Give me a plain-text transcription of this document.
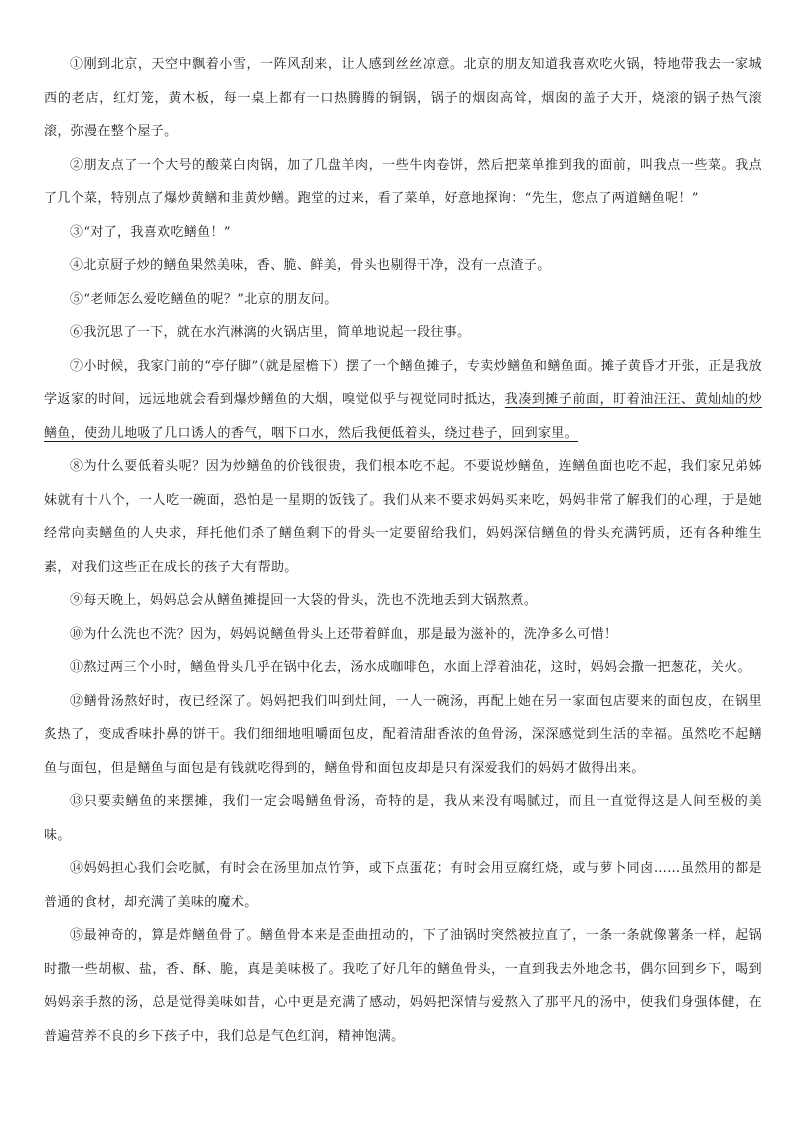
①刚到北京，天空中飘着小雪，一阵风刮来，让人感到丝丝凉意。北京的朋友知道我喜欢吃火锅，特地带我去一家城西的老店，红灯笼，黄木板，每一桌上都有一口热腾腾的铜锅，锅子的烟囱高耸，烟囱的盖子大开，烧滚的锅子热气滚滚，弥漫在整个屋子。

②朋友点了一个大号的酸菜白肉锅，加了几盘羊肉，一些牛肉卷饼，然后把菜单推到我的面前，叫我点一些菜。我点了几个菜，特别点了爆炒黄鳝和韭黄炒鳝。跑堂的过来，看了菜单，好意地探询：“先生，您点了两道鳝鱼呢！”

③“对了，我喜欢吃鳝鱼！”

④北京厨子炒的鳝鱼果然美味，香、脆、鲜美，骨头也剔得干净，没有一点渣子。

⑤“老师怎么爱吃鳝鱼的呢？”北京的朋友问。

⑥我沉思了一下，就在水汽淋漓的火锅店里，简单地说起一段往事。

⑦小时候，我家门前的“亭仔脚”（就是屋檐下）摆了一个鳝鱼摊子，专卖炒鳝鱼和鳝鱼面。摊子黄昏才开张，正是我放学返家的时间，远远地就会看到爆炒鳝鱼的大烟，嗅觉似乎与视觉同时抵达，我凑到摊子前面，盯着油汪汪、黄灿灿的炒鳝鱼，使劲儿地吸了几口诱人的香气，咽下口水，然后我便低着头，绕过巷子，回到家里。

⑧为什么要低着头呢？因为炒鳝鱼的价钱很贵，我们根本吃不起。不要说炒鳝鱼，连鳝鱼面也吃不起，我们家兄弟姊妹就有十八个，一人吃一碗面，恐怕是一星期的饭钱了。我们从来不要求妈妈买来吃，妈妈非常了解我们的心理，于是她经常向卖鳝鱼的人央求，拜托他们杀了鳝鱼剩下的骨头一定要留给我们，妈妈深信鳝鱼的骨头充满钙质，还有各种维生素，对我们这些正在成长的孩子大有帮助。

⑨每天晚上，妈妈总会从鳝鱼摊提回一大袋的骨头，洗也不洗地丢到大锅熬煮。

⑩为什么洗也不洗？因为，妈妈说鳝鱼骨头上还带着鲜血，那是最为滋补的，洗净多么可惜！

⑪熬过两三个小时，鳝鱼骨头几乎在锅中化去，汤水成咖啡色，水面上浮着油花，这时，妈妈会撒一把葱花，关火。

⑫鳝骨汤熬好时，夜已经深了。妈妈把我们叫到灶间，一人一碗汤，再配上她在另一家面包店要来的面包皮，在锅里炙热了，变成香味扑鼻的饼干。我们细细地咀嚼面包皮，配着清甜香浓的鱼骨汤，深深感觉到生活的幸福。虽然吃不起鳝鱼与面包，但是鳝鱼与面包是有钱就吃得到的，鳝鱼骨和面包皮却是只有深爱我们的妈妈才做得出来。

⑬只要卖鳝鱼的来摆摊，我们一定会喝鳝鱼骨汤，奇特的是，我从来没有喝腻过，而且一直觉得这是人间至极的美味。

⑭妈妈担心我们会吃腻，有时会在汤里加点竹笋，或下点蛋花；有时会用豆腐红烧，或与萝卜同卤……虽然用的都是普通的食材，却充满了美味的魔术。

⑮最神奇的，算是炸鳝鱼骨了。鳝鱼骨本来是歪曲扭动的，下了油锅时突然被拉直了，一条一条就像薯条一样，起锅时撒一些胡椒、盐，香、酥、脆，真是美味极了。我吃了好几年的鳝鱼骨头，一直到我去外地念书，偶尔回到乡下，喝到妈妈亲手熬的汤，总是觉得美味如昔，心中更是充满了感动，妈妈把深情与爱熬入了那平凡的汤中，使我们身强体健，在普遍营养不良的乡下孩子中，我们总是气色红润，精神饱满。
